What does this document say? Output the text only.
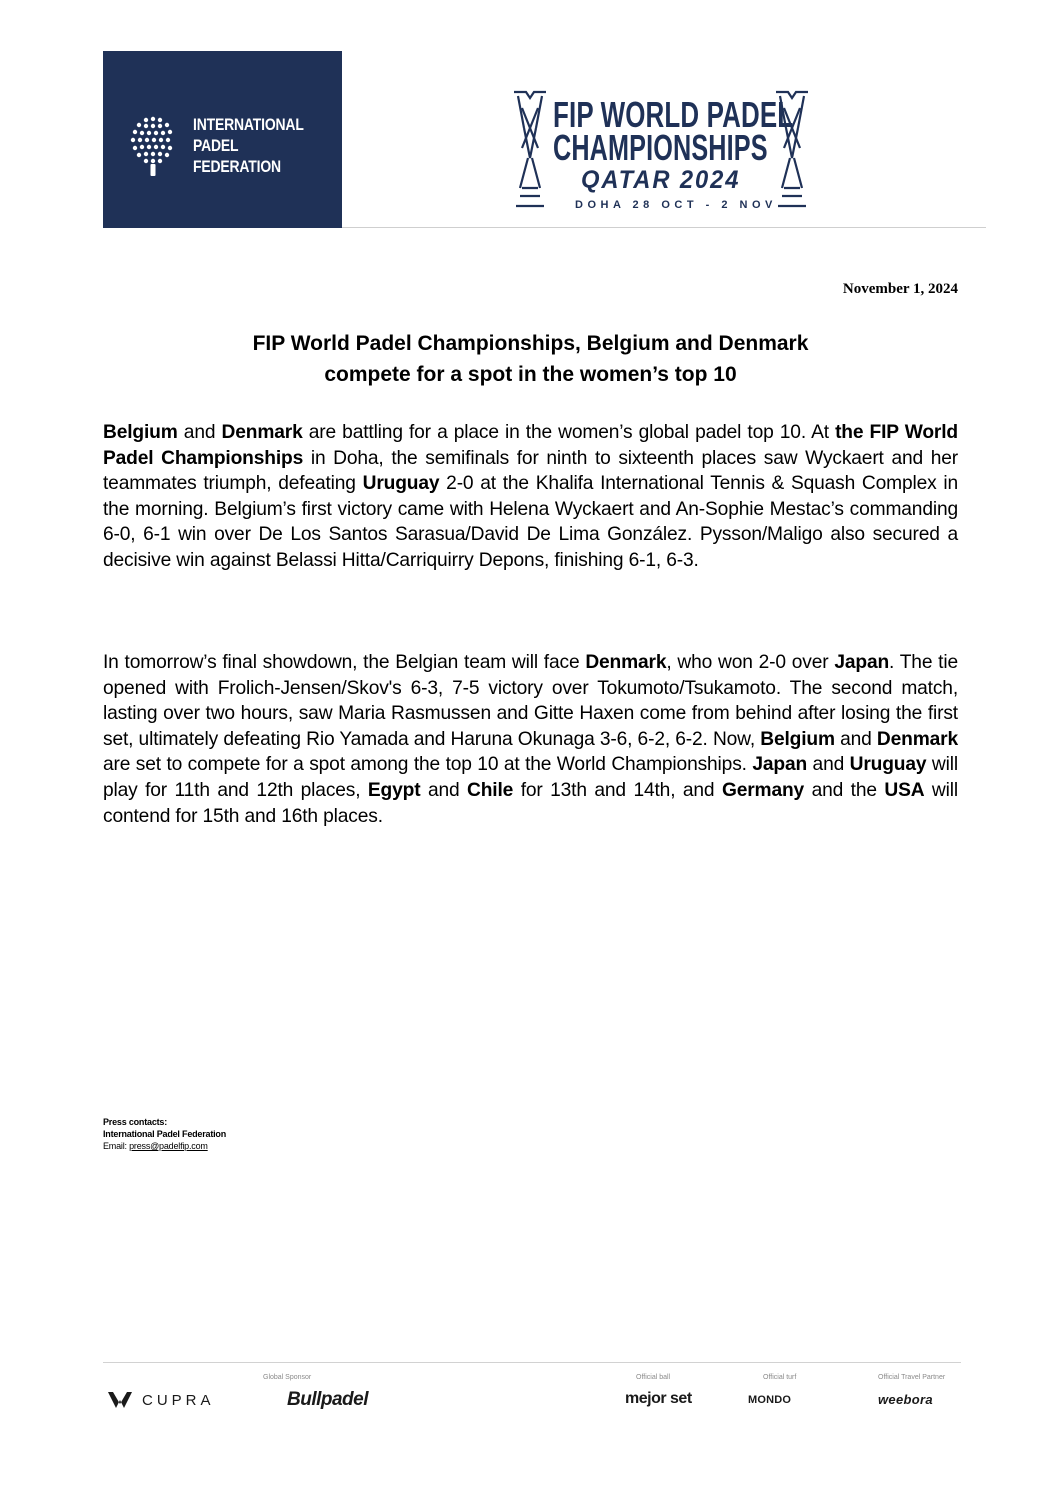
INTERNATIONAL
PADEL
FEDERATION
FIP WORLD PADEL
CHAMPIONSHIPS
QATAR 2024
DOHA 28 OCT - 2 NOV
November 1, 2024
FIP World Padel Championships, Belgium and Denmark
compete for a spot in the women’s top 10
Belgium and Denmark are battling for a place in the women’s global padel top 10. At the FIP World Padel Championships in Doha, the semifinals for ninth to sixteenth places saw Wyckaert and her teammates triumph, defeating Uruguay 2-0 at the Khalifa International Tennis & Squash Complex in the morning. Belgium’s first victory came with Helena Wyckaert and An-Sophie Mestac’s commanding 6-0, 6-1 win over De Los Santos Sarasua/David De Lima González. Pysson/Maligo also secured a decisive win against Belassi Hitta/Carriquirry Depons, finishing 6-1, 6-3.
In tomorrow’s final showdown, the Belgian team will face Denmark, who won 2-0 over Japan. The tie opened with Frolich-Jensen/Skov's 6-3, 7-5 victory over Tokumoto/Tsukamoto. The second match, lasting over two hours, saw Maria Rasmussen and Gitte Haxen come from behind after losing the first set, ultimately defeating Rio Yamada and Haruna Okunaga 3-6, 6-2, 6-2. Now, Belgium and Denmark are set to compete for a spot among the top 10 at the World Championships. Japan and Uruguay will play for 11th and 12th places, Egypt and Chile for 13th and 14th, and Germany and the USA will contend for 15th and 16th places.
Press contacts:
International Padel Federation
Email: press@padelfip.com
Global Sponsor	Official ball	Official turf	Official Travel Partner
CUPRA	Bullpadel	mejor set	MONDO	weebora
